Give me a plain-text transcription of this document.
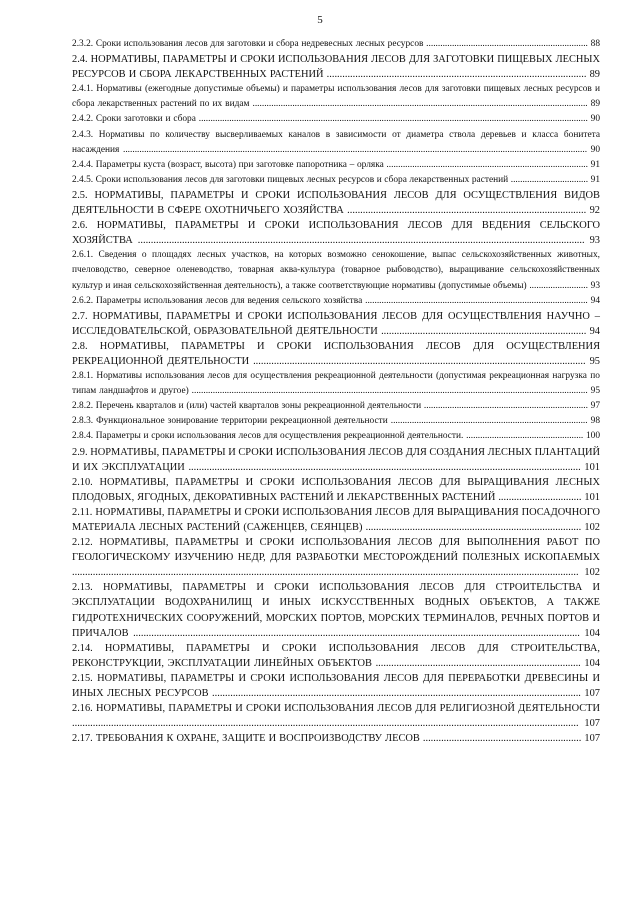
5

2.3.2. Сроки использования лесов для заготовки и сбора недревесных лесных ресурсов ..................................................................... 88

2.4. НОРМАТИВЫ, ПАРАМЕТРЫ И СРОКИ ИСПОЛЬЗОВАНИЯ ЛЕСОВ ДЛЯ ЗАГОТОВКИ ПИЩЕВЫХ ЛЕСНЫХ РЕСУРСОВ И СБОРА ЛЕКАРСТВЕННЫХ РАСТЕНИЙ .................................................................................................... 89

2.4.1. Нормативы (ежегодные допустимые объемы) и параметры использования лесов для заготовки пищевых лесных ресурсов и сбора лекарственных растений по их видам ............................................................................................................................................... 89

2.4.2. Сроки заготовки и сбора ...................................................................................................................................................................... 90

2.4.3. Нормативы по количеству высверливаемых каналов в зависимости от диаметра ствола деревьев и класса бонитета насаждения ...................................................................................................................................................................................................... 90

2.4.4. Параметры куста (возраст, высота) при заготовке папоротника – орляка ...................................................................................... 91

2.4.5. Сроки использования лесов для заготовки пищевых лесных ресурсов и сбора лекарственных растений ................................. 91

2.5. НОРМАТИВЫ, ПАРАМЕТРЫ И СРОКИ ИСПОЛЬЗОВАНИЯ ЛЕСОВ ДЛЯ ОСУЩЕСТВЛЕНИЯ ВИДОВ ДЕЯТЕЛЬНОСТИ В СФЕРЕ ОХОТНИЧЬЕГО ХОЗЯЙСТВА ............................................................................................ 92

2.6. НОРМАТИВЫ, ПАРАМЕТРЫ И СРОКИ ИСПОЛЬЗОВАНИЯ ЛЕСОВ ДЛЯ ВЕДЕНИЯ СЕЛЬСКОГО ХОЗЯЙСТВА ............................................................................................................................................................................ 93

2.6.1. Сведения о площадях лесных участков, на которых возможно сенокошение, выпас сельскохозяйственных животных, пчеловодство, северное оленеводство, товарная аква-культура (товарное рыбоводство), выращивание сельскохозяйственных культур и иная сельскохозяйственная деятельность), а также соответствующие нормативы (допустимые объемы) ......................... 93

2.6.2. Параметры использования лесов для ведения сельского хозяйства ............................................................................................... 94

2.7. НОРМАТИВЫ, ПАРАМЕТРЫ И СРОКИ ИСПОЛЬЗОВАНИЯ ЛЕСОВ ДЛЯ ОСУЩЕСТВЛЕНИЯ НАУЧНО – ИССЛЕДОВАТЕЛЬСКОЙ, ОБРАЗОВАТЕЛЬНОЙ ДЕЯТЕЛЬНОСТИ ............................................................................... 94

2.8. НОРМАТИВЫ, ПАРАМЕТРЫ И СРОКИ ИСПОЛЬЗОВАНИЯ ЛЕСОВ ДЛЯ ОСУЩЕСТВЛЕНИЯ РЕКРЕАЦИОННОЙ ДЕЯТЕЛЬНОСТИ ................................................................................................................................ 95

2.8.1. Нормативы использования лесов для осуществления рекреационной деятельности (допустимая рекреационная нагрузка по типам ландшафтов и другое) ......................................................................................................................................................................... 95

2.8.2. Перечень кварталов и (или) частей кварталов зоны рекреационной деятельности ...................................................................... 97

2.8.3. Функциональное зонирование территории рекреационной деятельности .................................................................................... 98

2.8.4. Параметры и сроки использования лесов для осуществления рекреационной деятельности. .................................................. 100

2.9. НОРМАТИВЫ, ПАРАМЕТРЫ И СРОКИ ИСПОЛЬЗОВАНИЯ ЛЕСОВ ДЛЯ СОЗДАНИЯ ЛЕСНЫХ ПЛАНТАЦИЙ И ИХ ЭКСПЛУАТАЦИИ ....................................................................................................................................................... 101

2.10. НОРМАТИВЫ, ПАРАМЕТРЫ И СРОКИ ИСПОЛЬЗОВАНИЯ ЛЕСОВ ДЛЯ ВЫРАЩИВАНИЯ ЛЕСНЫХ ПЛОДОВЫХ, ЯГОДНЫХ, ДЕКОРАТИВНЫХ РАСТЕНИЙ И ЛЕКАРСТВЕННЫХ РАСТЕНИЙ ................................ 101

2.11. НОРМАТИВЫ, ПАРАМЕТРЫ И СРОКИ ИСПОЛЬЗОВАНИЯ ЛЕСОВ ДЛЯ ВЫРАЩИВАНИЯ ПОСАДОЧНОГО МАТЕРИАЛА ЛЕСНЫХ РАСТЕНИЙ (САЖЕНЦЕВ, СЕЯНЦЕВ) ................................................................................... 102

2.12. НОРМАТИВЫ, ПАРАМЕТРЫ И СРОКИ ИСПОЛЬЗОВАНИЯ ЛЕСОВ ДЛЯ ВЫПОЛНЕНИЯ РАБОТ ПО ГЕОЛОГИЧЕСКОМУ ИЗУЧЕНИЮ НЕДР, ДЛЯ РАЗРАБОТКИ МЕСТОРОЖДЕНИЙ ПОЛЕЗНЫХ ИСКОПАЕМЫХ ................................................................................................................................................................................................... 102

2.13. НОРМАТИВЫ, ПАРАМЕТРЫ И СРОКИ ИСПОЛЬЗОВАНИЯ ЛЕСОВ ДЛЯ СТРОИТЕЛЬСТВА И ЭКСПЛУАТАЦИИ ВОДОХРАНИЛИЩ И ИНЫХ ИСКУССТВЕННЫХ ВОДНЫХ ОБЪЕКТОВ, А ТАКЖЕ ГИДРОТЕХНИЧЕСКИХ СООРУЖЕНИЙ, МОРСКИХ ПОРТОВ, МОРСКИХ ТЕРМИНАЛОВ, РЕЧНЫХ ПОРТОВ И ПРИЧАЛОВ ............................................................................................................................................................................ 104

2.14. НОРМАТИВЫ, ПАРАМЕТРЫ И СРОКИ ИСПОЛЬЗОВАНИЯ ЛЕСОВ ДЛЯ СТРОИТЕЛЬСТВА, РЕКОНСТРУКЦИИ, ЭКСПЛУАТАЦИИ ЛИНЕЙНЫХ ОБЪЕКТОВ ............................................................................... 104

2.15. НОРМАТИВЫ, ПАРАМЕТРЫ И СРОКИ ИСПОЛЬЗОВАНИЯ ЛЕСОВ ДЛЯ ПЕРЕРАБОТКИ ДРЕВЕСИНЫ И ИНЫХ ЛЕСНЫХ РЕСУРСОВ .............................................................................................................................................. 107

2.16. НОРМАТИВЫ, ПАРАМЕТРЫ И СРОКИ ИСПОЛЬЗОВАНИЯ ЛЕСОВ ДЛЯ РЕЛИГИОЗНОЙ ДЕЯТЕЛЬНОСТИ ................................................................................................................................................................................................... 107

2.17. ТРЕБОВАНИЯ К ОХРАНЕ, ЗАЩИТЕ И ВОСПРОИЗВОДСТВУ ЛЕСОВ ............................................................. 107
